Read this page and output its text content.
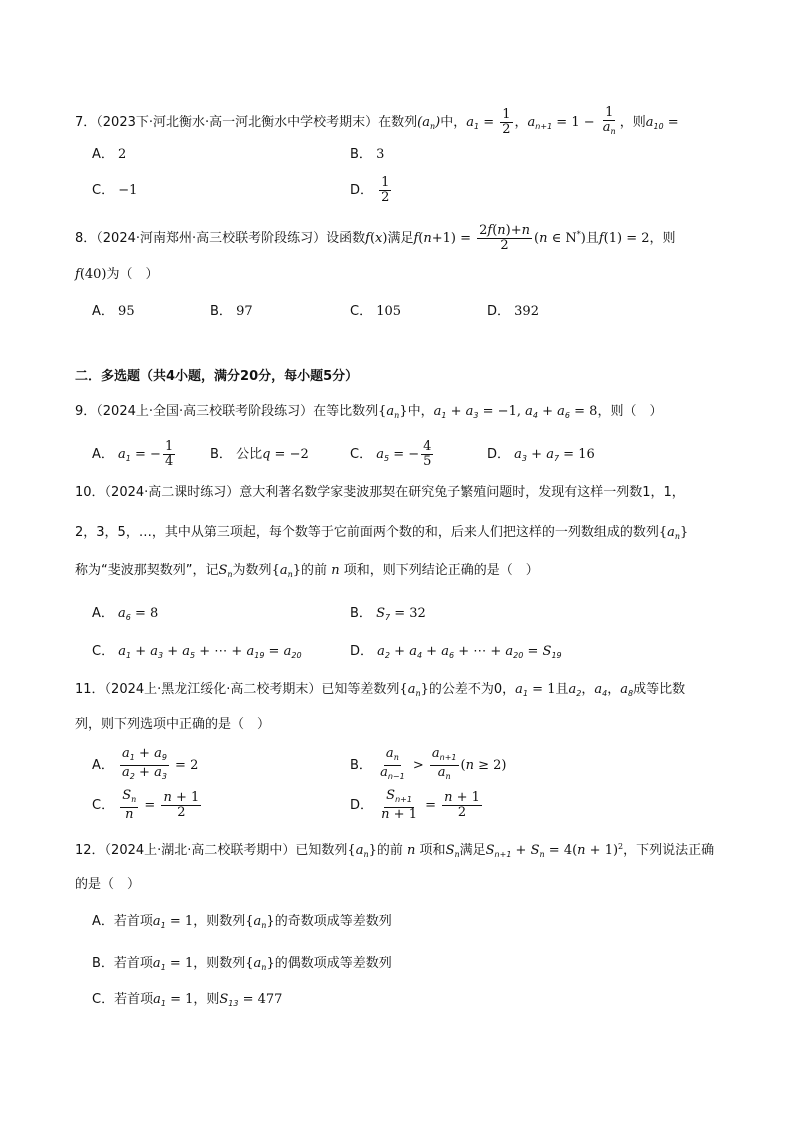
7．（2023下·河北衡水·高一河北衡水中学校考期末）在数列$(a_n)$中，$a_1 = \frac{1}{2}$ ，$a_{n+1} = 1 - \frac{1}{a_n}$ ，则$a_{10}$ =
A． 2	B． 3
C． −1	D． $\frac{1}{2}$
8．（2024·河南郑州·高三校联考阶段练习）设函数f(x)满足$f(n+1) = \frac{2f(n)+n}{2} (n$ ∈ N*)且f(1) = 2，则
f(40)为（　）
A． 95	B． 97	C． 105	D． 392
二．多选题（共4小题，满分20分，每小题5分）
9．（2024上·全国·高三校联考阶段练习）在等比数列$\{a_n\}$中，$a_1 + a_3 = -1$, $a_4 + a_6 = 8$，则（　）
A． $a_1$ = − $\frac{1}{4}$	B． 公比q = −2	C． $a_5$ = − $\frac{4}{5}$	D． $a_3 + a_7 = 16$
10．（2024·高二课时练习）意大利著名数学家斐波那契在研究兔子繁殖问题时，发现有这样一列数1，1，
2，3，5，…，其中从第三项起，每个数等于它前面两个数的和，后来人们把这样的一列数组成的数列$\{a_n\}$
称为“斐波那契数列”，记$S_n$为数列$\{a_n\}$的前 n 项和，则下列结论正确的是（　）
A． $a_6 = 8$	B． $S_7 = 32$
C． $a_1 + a_3 + a_5$ + ⋯ + $a_{19} = a_{20}$	D． $a_2 + a_4 + a_6$ + ⋯ + $a_{20} = S_{19}$
11．（2024上·黑龙江绥化·高二校考期末）已知等差数列$\{a_n\}$的公差不为0，$a_1 = 1$且$a_2$，$a_4$，$a_8$成等比数
列，则下列选项中正确的是（　）
A． $\frac{a_1 + a_9}{a_2 + a_3} = 2$	B． $\frac{a_n}{a_{n-1}} > \frac{a_{n+1}}{a_n} (n \ge 2)$
C． $\frac{S_n}{n} = \frac{n + 1}{2}$	D． $\frac{S_{n+1}}{n + 1} = \frac{n + 1}{2}$
12．（2024上·湖北·高二校联考期中）已知数列$\{a_n\}$的前 n 项和$S_n$满足$S_{n+1} + S_n = 4(n + 1)^2$，下列说法正确
的是（　）
A．若首项$a_1 = 1$，则数列$\{a_n\}$的奇数项成等差数列
B．若首项$a_1 = 1$，则数列$\{a_n\}$的偶数项成等差数列
C．若首项$a_1 = 1$，则$S_{13} = 477$
